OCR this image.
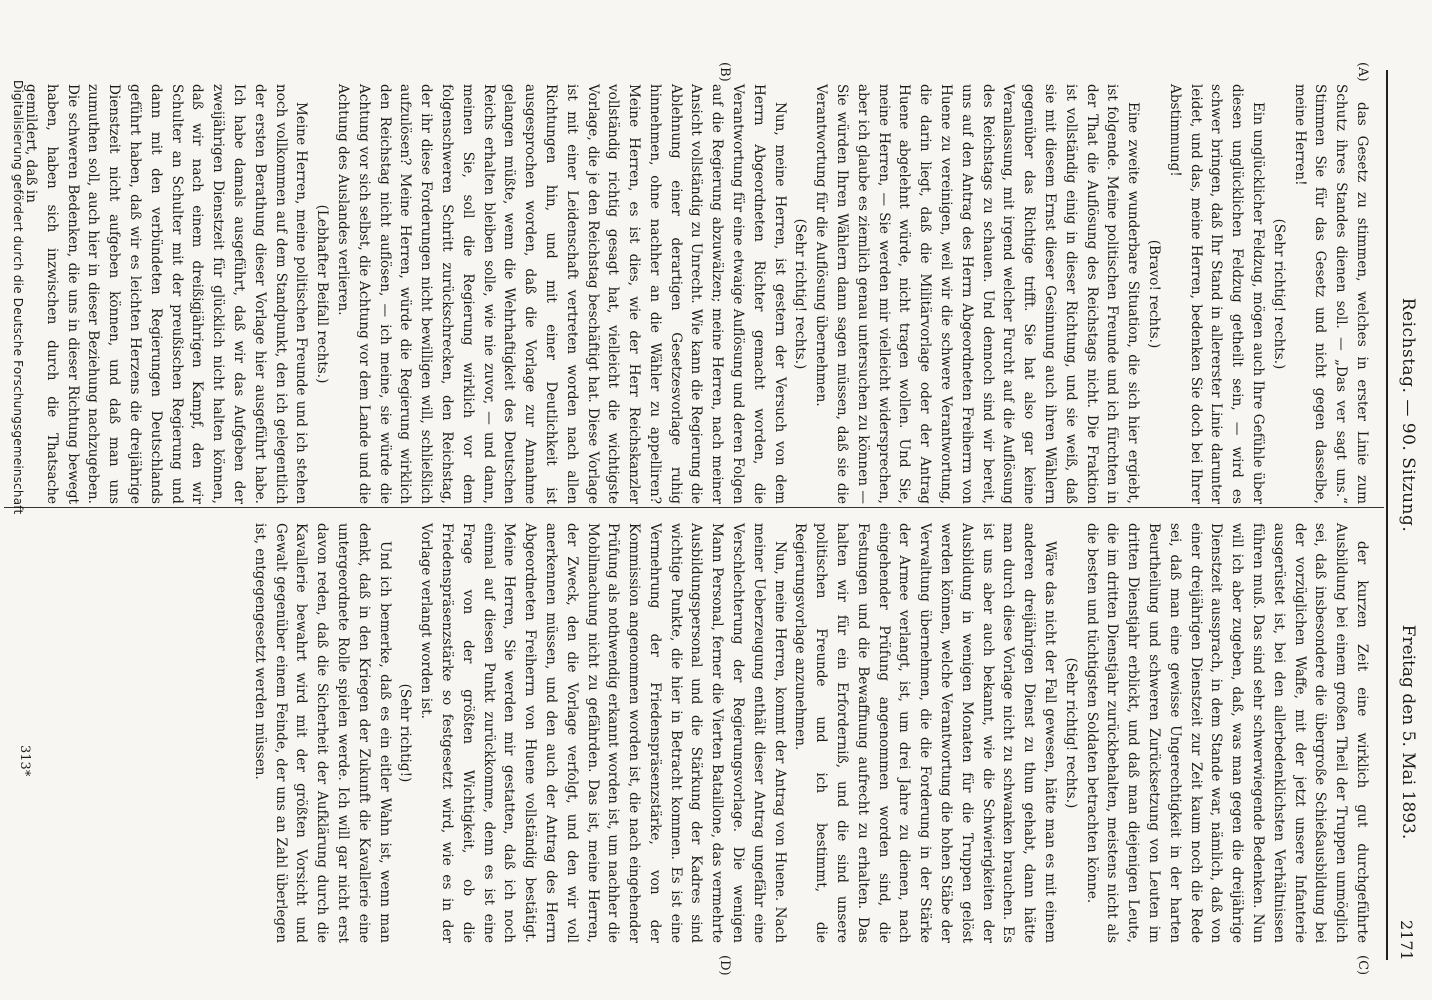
Reichstag. — 90. Sitzung.
Freitag den 5. Mai 1893.
2171
(A)
(B)
(C)
(D)

das Gesetz zu stimmen, welches in erster Linie zum Schutz ihres Standes dienen soll. — „Das ver sagt uns.“ Stimmen Sie für das Gesetz und nicht gegen dasselbe, meine Herren!

(Sehr richtig! rechts.)

Ein unglücklicher Feldzug, mögen auch Ihre Gefühle über diesen unglücklichen Feldzug getheilt sein, — wird es schwer bringen, daß Ihr Stand in allererster Linie darunter leidet, und das, meine Herren, bedenken Sie doch bei Ihrer Abstimmung!

(Bravo! rechts.)

Eine zweite wunderbare Situation, die sich hier ergiebt, ist folgende. Meine politischen Freunde und ich fürchten in der That die Auflösung des Reichstags nicht. Die Fraktion ist vollständig einig in dieser Richtung, und sie weiß, daß sie mit diesem Ernst dieser Gesinnung auch ihren Wählern gegenüber das Richtige trifft. Sie hat also gar keine Veranlassung, mit irgend welcher Furcht auf die Auflösung des Reichstags zu schauen. Und dennoch sind wir bereit, uns auf den Antrag des Herrn Abgeordneten Freiherrn von Huene zu vereinigen, weil wir die schwere Verantwortung, die darin liegt, daß die Militärvorlage oder der Antrag Huene abgelehnt würde, nicht tragen wollen. Und Sie, meine Herren, — Sie werden mir vielleicht widersprechen, aber ich glaube es ziemlich genau untersuchen zu können — Sie würden Ihren Wählern dann sagen müssen, daß sie die Verantwortung für die Auflösung übernehmen.

(Sehr richtig! rechts.)

Nun, meine Herren, ist gestern der Versuch von dem Herrn Abgeordneten Richter gemacht worden, die Verantwortung für eine etwaige Auflösung und deren Folgen auf die Regierung abzuwälzen; meine Herren, nach meiner Ansicht vollständig zu Unrecht. Wie kann die Regierung die Ablehnung einer derartigen Gesetzesvorlage ruhig hinnehmen, ohne nachher an die Wähler zu appelliren? Meine Herren, es ist dies, wie der Herr Reichskanzler vollständig richtig gesagt hat, vielleicht die wichtigste Vorlage, die je den Reichstag beschäftigt hat. Diese Vorlage ist mit einer Leidenschaft vertreten worden nach allen Richtungen hin, und mit einer Deutlichkeit ist ausgesprochen worden, daß die Vorlage zur Annahme gelangen müßte, wenn die Wehrhaftigkeit des Deutschen Reichs erhalten bleiben solle, wie nie zuvor, — und dann, meinen Sie, soll die Regierung wirklich vor dem folgenschweren Schritt zurückschrecken, den Reichstag, der ihr diese Forderungen nicht bewilligen will, schließlich aufzulösen? Meine Herren, würde die Regierung wirklich den Reichstag nicht auflösen, — ich meine, sie würde die Achtung vor sich selbst, die Achtung vor dem Lande und die Achtung des Auslandes verlieren.

(Lebhafter Beifall rechts.)

Meine Herren, meine politischen Freunde und ich stehen noch vollkommen auf dem Standpunkt, den ich gelegentlich der ersten Berathung dieser Vorlage hier ausgeführt habe. Ich habe damals ausgeführt, daß wir das Aufgeben der zweijährigen Dienstzeit für glücklich nicht halten können, daß wir nach einem dreißigjährigen Kampf, den wir Schulter an Schulter mit der preußischen Regierung und dann mit den verbündeten Regierungen Deutschlands geführt haben, daß wir es leichten Herzens die dreijährige Dienstzeit nicht aufgeben können, und daß man uns zumuthen soll, auch hier in dieser Beziehung nachzugeben. Die schweren Bedenken, die uns in dieser Richtung bewegt haben, haben sich inzwischen durch die Thatsache gemildert, daß in

der kurzen Zeit eine wirklich gut durchgeführte Ausbildung bei einem großen Theil der Truppen unmöglich sei, daß insbesondere die übergroße Schießausbildung bei der vorzüglichen Waffe, mit der jetzt unsere Infanterie ausgerüstet ist, bei den allerbedenklichsten Verhältnissen führen muß. Das sind sehr schwerwiegende Bedenken. Nun will ich aber zugeben, daß, was man gegen die dreijährige Dienstzeit aussprach, in dem Stande war, nämlich, daß von einer dreijährigen Dienstzeit zur Zeit kaum noch die Rede sei, daß man eine gewisse Ungerechtigkeit in der harten Beurtheilung und schweren Zurücksetzung von Leuten im dritten Dienstjahr erblickt, und daß man diejenigen Leute, die im dritten Dienstjahr zurückbehalten, meistens nicht als die besten und tüchtigsten Soldaten betrachten könne.

(Sehr richtig! rechts.)

Wäre das nicht der Fall gewesen, hätte man es mit einem anderen dreijährigen Dienst zu thun gehabt, dann hätte man durch diese Vorlage nicht zu schwanken brauchen. Es ist uns aber auch bekannt, wie die Schwierigkeiten der Ausbildung in wenigen Monaten für die Truppen gelöst werden können, welche Verantwortung die hohen Stäbe der Verwaltung übernehmen, die die Forderung in der Stärke der Armee verlangt, ist, um drei Jahre zu dienen, nach eingehender Prüfung angenommen worden sind, die Festungen und die Bewaffnung aufrecht zu erhalten. Das halten wir für ein Erforderniß, und die sind unsere politischen Freunde und ich bestimmt, die Regierungsvorlage anzunehmen.

Nun, meine Herren, kommt der Antrag von Huene. Nach meiner Ueberzeugung enthält dieser Antrag ungefähr eine Verschlechterung der Regierungsvorlage. Die wenigen Mann Personal, ferner die Vierten Bataillone, das vermehrte Ausbildungspersonal und die Stärkung der Kadres sind wichtige Punkte, die hier in Betracht kommen. Es ist eine Vermehrung der Friedenspräsenzstärke, von der Kommission angenommen worden ist, die nach eingehender Prüfung als nothwendig erkannt worden ist, um nachher die Mobilmachung nicht zu gefährden. Das ist, meine Herren, der Zweck, den die Vorlage verfolgt, und den wir voll anerkennen müssen, und den auch der Antrag des Herrn Abgeordneten Freiherrn von Huene vollständig bestätigt. Meine Herren, Sie werden mir gestatten, daß ich noch einmal auf diesen Punkt zurückkomme, denn es ist eine Frage von der größten Wichtigkeit, ob die Friedenspräsenzstärke so festgesetzt wird, wie es in der Vorlage verlangt worden ist.

(Sehr richtig!)

Und ich bemerke, daß es ein eitler Wahn ist, wenn man denkt, daß in den Kriegen der Zukunft die Kavallerie eine untergeordnete Rolle spielen werde. Ich will gar nicht erst davon reden, daß die Sicherheit der Aufklärung durch die Kavallerie bewahrt wird mit der größten Vorsicht und Gewalt gegenüber einem Feinde, der uns an Zahl überlegen ist, entgegengesetzt werden müssen.

313*
Digitalisierung gefördert durch die Deutsche Forschungsgemeinschaft
